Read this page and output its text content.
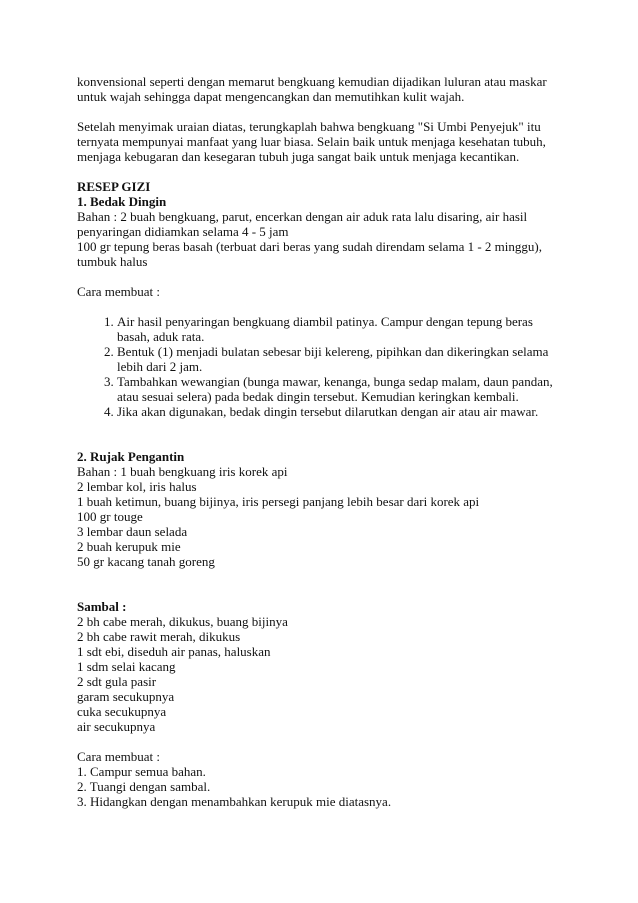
konvensional seperti dengan memarut bengkuang kemudian dijadikan luluran atau maskar

untuk wajah sehingga dapat mengencangkan dan memutihkan kulit wajah.

Setelah menyimak uraian diatas, terungkaplah bahwa bengkuang "Si Umbi Penyejuk" itu

ternyata mempunyai manfaat yang luar biasa. Selain baik untuk menjaga kesehatan tubuh,

menjaga kebugaran dan kesegaran tubuh juga sangat baik untuk menjaga kecantikan.

RESEP GIZI

1. Bedak Dingin

Bahan : 2 buah bengkuang, parut, encerkan dengan air aduk rata lalu disaring, air hasil

penyaringan didiamkan selama 4 - 5 jam

100 gr tepung beras basah (terbuat dari beras yang sudah direndam selama 1 - 2 minggu),

tumbuk halus

Cara membuat :

1. Air hasil penyaringan bengkuang diambil patinya. Campur dengan tepung beras
basah, aduk rata.
2. Bentuk (1) menjadi bulatan sebesar biji kelereng, pipihkan dan dikeringkan selama
lebih dari 2 jam.
3. Tambahkan wewangian (bunga mawar, kenanga, bunga sedap malam, daun pandan,
atau sesuai selera) pada bedak dingin tersebut. Kemudian keringkan kembali.
4. Jika akan digunakan, bedak dingin tersebut dilarutkan dengan air atau air mawar.

2. Rujak Pengantin

Bahan : 1 buah bengkuang iris korek api

2 lembar kol, iris halus

1 buah ketimun, buang bijinya, iris persegi panjang lebih besar dari korek api

100 gr touge

3 lembar daun selada

2 buah kerupuk mie

50 gr kacang tanah goreng

Sambal :

2 bh cabe merah, dikukus, buang bijinya

2 bh cabe rawit merah, dikukus

1 sdt ebi, diseduh air panas, haluskan

1 sdm selai kacang

2 sdt gula pasir

garam secukupnya

cuka secukupnya

air secukupnya

Cara membuat :

1. Campur semua bahan.

2. Tuangi dengan sambal.

3. Hidangkan dengan menambahkan kerupuk mie diatasnya.
